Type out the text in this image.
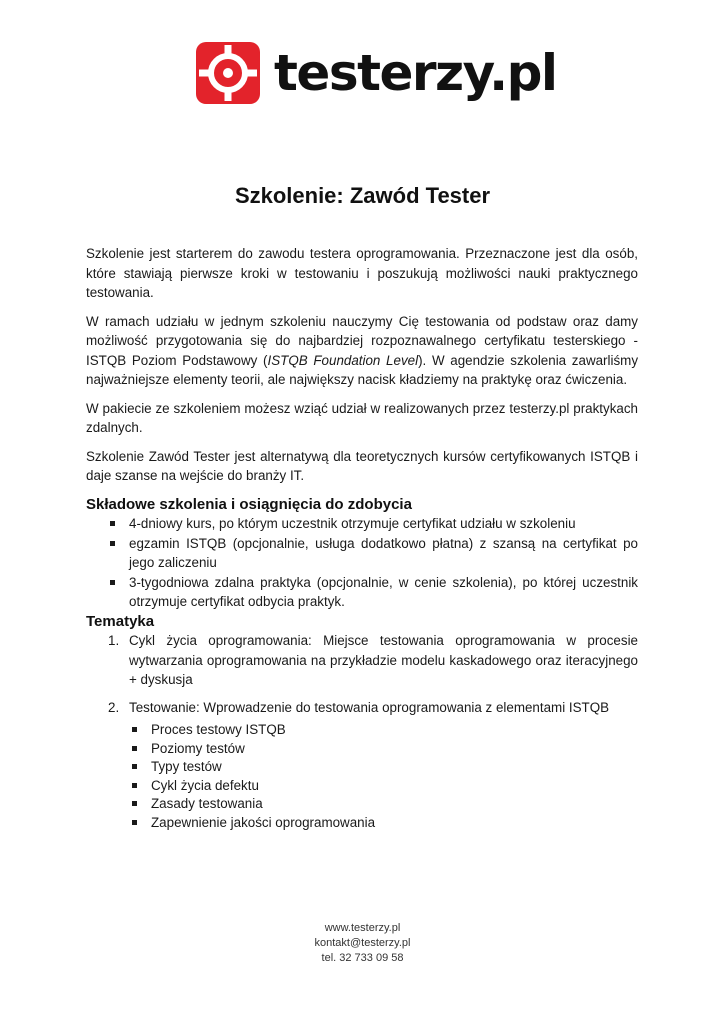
testerzy.pl
Szkolenie: Zawód Tester

Szkolenie jest starterem do zawodu testera oprogramowania. Przeznaczone jest dla osób, które stawiają pierwsze kroki w testowaniu i poszukują możliwości nauki praktycznego testowania.

W ramach udziału w jednym szkoleniu nauczymy Cię testowania od podstaw oraz damy możliwość przygotowania się do najbardziej rozpoznawalnego certyfikatu testerskiego - ISTQB Poziom Podstawowy (ISTQB Foundation Level). W agendzie szkolenia zawarliśmy najważniejsze elementy teorii, ale największy nacisk kładziemy na praktykę oraz ćwiczenia.

W pakiecie ze szkoleniem możesz wziąć udział w realizowanych przez testerzy.pl praktykach zdalnych.

Szkolenie Zawód Tester jest alternatywą dla teoretycznych kursów certyfikowanych ISTQB i daje szanse na wejście do branży IT.

Składowe szkolenia i osiągnięcia do zdobycia
4-dniowy kurs, po którym uczestnik otrzymuje certyfikat udziału w szkoleniu
egzamin ISTQB (opcjonalnie, usługa dodatkowo płatna) z szansą na certyfikat po jego zaliczeniu
3-tygodniowa zdalna praktyka (opcjonalnie, w cenie szkolenia), po której uczestnik otrzymuje certyfikat odbycia praktyk.
Tematyka
1. Cykl życia oprogramowania: Miejsce testowania oprogramowania w procesie wytwarzania oprogramowania na przykładzie modelu kaskadowego oraz iteracyjnego + dyskusja
2. Testowanie: Wprowadzenie do testowania oprogramowania z elementami ISTQB
Proces testowy ISTQB
Poziomy testów
Typy testów
Cykl życia defektu
Zasady testowania
Zapewnienie jakości oprogramowania
www.testerzy.pl
kontakt@testerzy.pl
tel. 32 733 09 58
